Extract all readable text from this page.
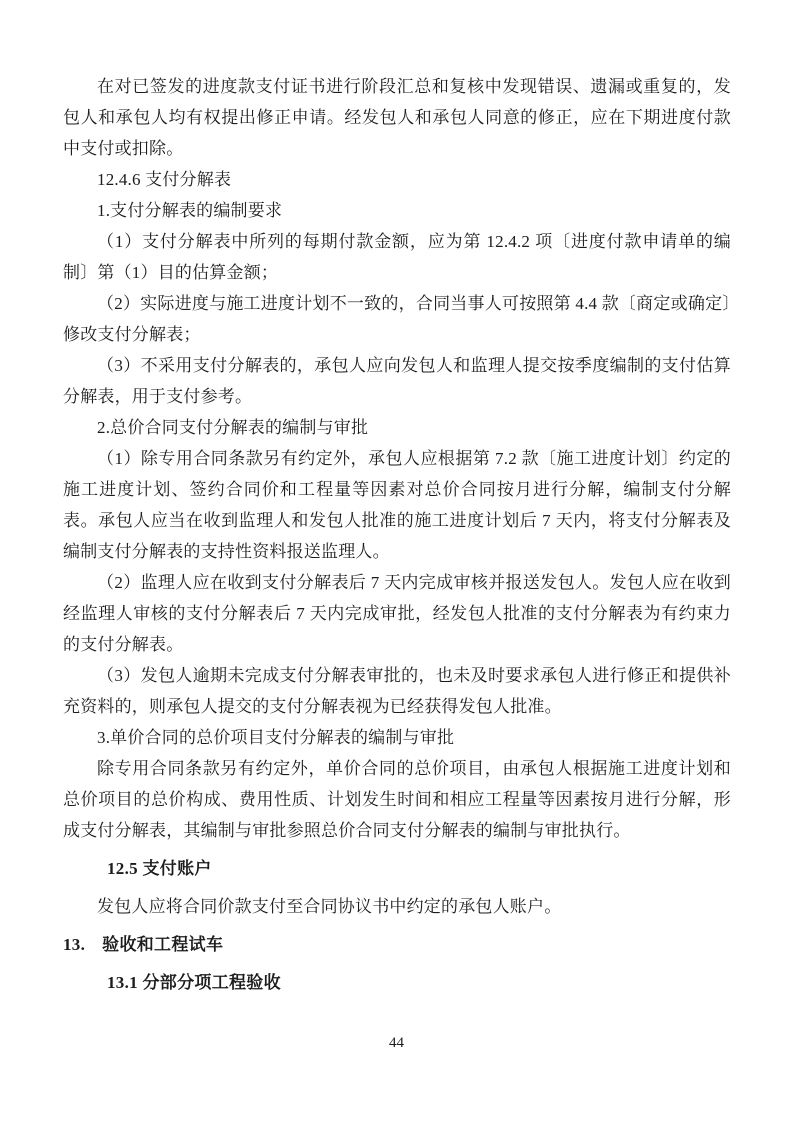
在对已签发的进度款支付证书进行阶段汇总和复核中发现错误、遗漏或重复的，发包人和承包人均有权提出修正申请。经发包人和承包人同意的修正，应在下期进度付款中支付或扣除。

12.4.6 支付分解表

1.支付分解表的编制要求

（1）支付分解表中所列的每期付款金额，应为第 12.4.2 项〔进度付款申请单的编制〕第（1）目的估算金额；

（2）实际进度与施工进度计划不一致的，合同当事人可按照第 4.4 款〔商定或确定〕修改支付分解表；

（3）不采用支付分解表的，承包人应向发包人和监理人提交按季度编制的支付估算分解表，用于支付参考。

2.总价合同支付分解表的编制与审批

（1）除专用合同条款另有约定外，承包人应根据第 7.2 款〔施工进度计划〕约定的施工进度计划、签约合同价和工程量等因素对总价合同按月进行分解，编制支付分解表。承包人应当在收到监理人和发包人批准的施工进度计划后 7 天内，将支付分解表及编制支付分解表的支持性资料报送监理人。

（2）监理人应在收到支付分解表后 7 天内完成审核并报送发包人。发包人应在收到经监理人审核的支付分解表后 7 天内完成审批，经发包人批准的支付分解表为有约束力的支付分解表。

（3）发包人逾期未完成支付分解表审批的，也未及时要求承包人进行修正和提供补充资料的，则承包人提交的支付分解表视为已经获得发包人批准。

3.单价合同的总价项目支付分解表的编制与审批

除专用合同条款另有约定外，单价合同的总价项目，由承包人根据施工进度计划和总价项目的总价构成、费用性质、计划发生时间和相应工程量等因素按月进行分解，形成支付分解表，其编制与审批参照总价合同支付分解表的编制与审批执行。

12.5 支付账户

发包人应将合同价款支付至合同协议书中约定的承包人账户。

13. 验收和工程试车

13.1 分部分项工程验收

44
